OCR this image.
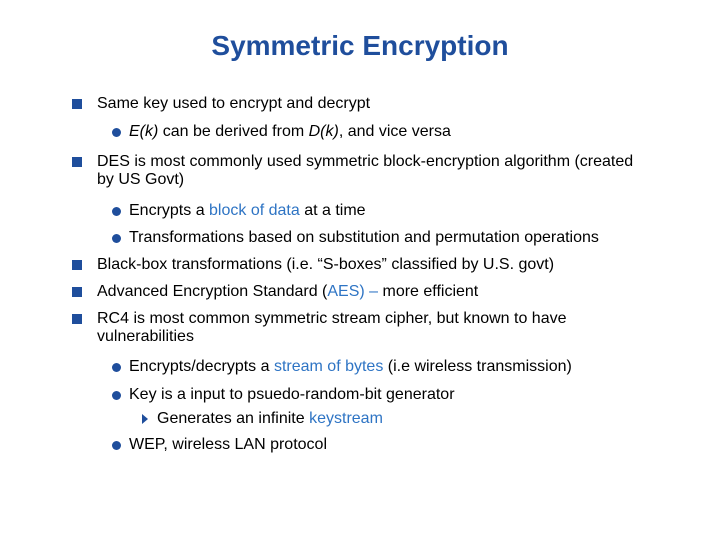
Symmetric Encryption
Same key used to encrypt and decrypt
E(k) can be derived from D(k), and vice versa
DES is most commonly used symmetric block-encryption algorithm (created
by US Govt)
Encrypts a block of data at a time
Transformations based on substitution and permutation operations
Black-box transformations (i.e. “S-boxes” classified by U.S. govt)
Advanced Encryption Standard (AES) – more efficient
RC4 is most common symmetric stream cipher, but known to have
vulnerabilities
Encrypts/decrypts a stream of bytes (i.e wireless transmission)
Key is a input to psuedo-random-bit generator
Generates an infinite keystream
WEP, wireless LAN protocol
